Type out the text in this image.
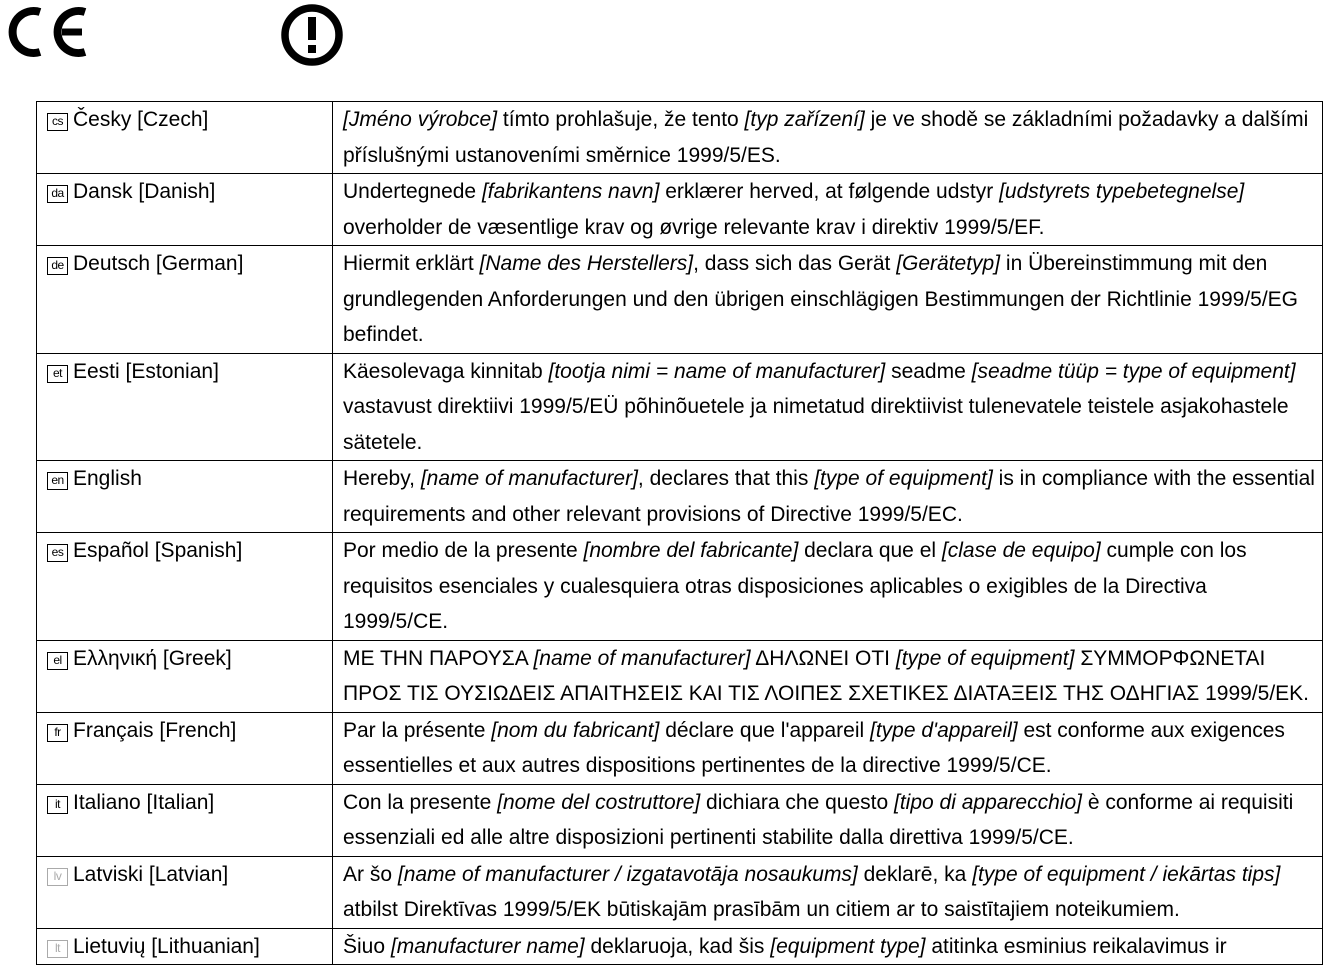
cs Česky [Czech]	[Jméno výrobce] tímto prohlašuje, že tento [typ zařízení] je ve shodě se základními požadavky a dalšími příslušnými ustanoveními směrnice 1999/5/ES.
da Dansk [Danish]	Undertegnede [fabrikantens navn] erklærer herved, at følgende udstyr [udstyrets typebetegnelse] overholder de væsentlige krav og øvrige relevante krav i direktiv 1999/5/EF.
de Deutsch [German]	Hiermit erklärt [Name des Herstellers], dass sich das Gerät [Gerätetyp] in Übereinstimmung mit den grundlegenden Anforderungen und den übrigen einschlägigen Bestimmungen der Richtlinie 1999/5/EG befindet.
et Eesti [Estonian]	Käesolevaga kinnitab [tootja nimi = name of manufacturer] seadme [seadme tüüp = type of equipment] vastavust direktiivi 1999/5/EÜ põhinõuetele ja nimetatud direktiivist tulenevatele teistele asjakohastele sätetele.
en English	Hereby, [name of manufacturer], declares that this [type of equipment] is in compliance with the essential requirements and other relevant provisions of Directive 1999/5/EC.
es Español [Spanish]	Por medio de la presente [nombre del fabricante] declara que el [clase de equipo] cumple con los requisitos esenciales y cualesquiera otras disposiciones aplicables o exigibles de la Directiva 1999/5/CE.
el Ελληνική [Greek]	ΜΕ ΤΗΝ ΠΑΡΟΥΣΑ [name of manufacturer] ΔΗΛΩΝΕΙ ΟΤΙ [type of equipment] ΣΥΜΜΟΡΦΩΝΕΤΑΙ ΠΡΟΣ ΤΙΣ ΟΥΣΙΩΔΕΙΣ ΑΠΑΙΤΗΣΕΙΣ ΚΑΙ ΤΙΣ ΛΟΙΠΕΣ ΣΧΕΤΙΚΕΣ ΔΙΑΤΑΞΕΙΣ ΤΗΣ ΟΔΗΓΙΑΣ 1999/5/ΕΚ.
fr Français [French]	Par la présente [nom du fabricant] déclare que l'appareil [type d'appareil] est conforme aux exigences essentielles et aux autres dispositions pertinentes de la directive 1999/5/CE.
it Italiano [Italian]	Con la presente [nome del costruttore] dichiara che questo [tipo di apparecchio] è conforme ai requisiti essenziali ed alle altre disposizioni pertinenti stabilite dalla direttiva 1999/5/CE.
lv Latviski [Latvian]	Ar šo [name of manufacturer / izgatavotāja nosaukums] deklarē, ka [type of equipment / iekārtas tips] atbilst Direktīvas 1999/5/EK būtiskajām prasībām un citiem ar to saistītajiem noteikumiem.
lt Lietuvių [Lithuanian]	Šiuo [manufacturer name] deklaruoja, kad šis [equipment type] atitinka esminius reikalavimus ir
